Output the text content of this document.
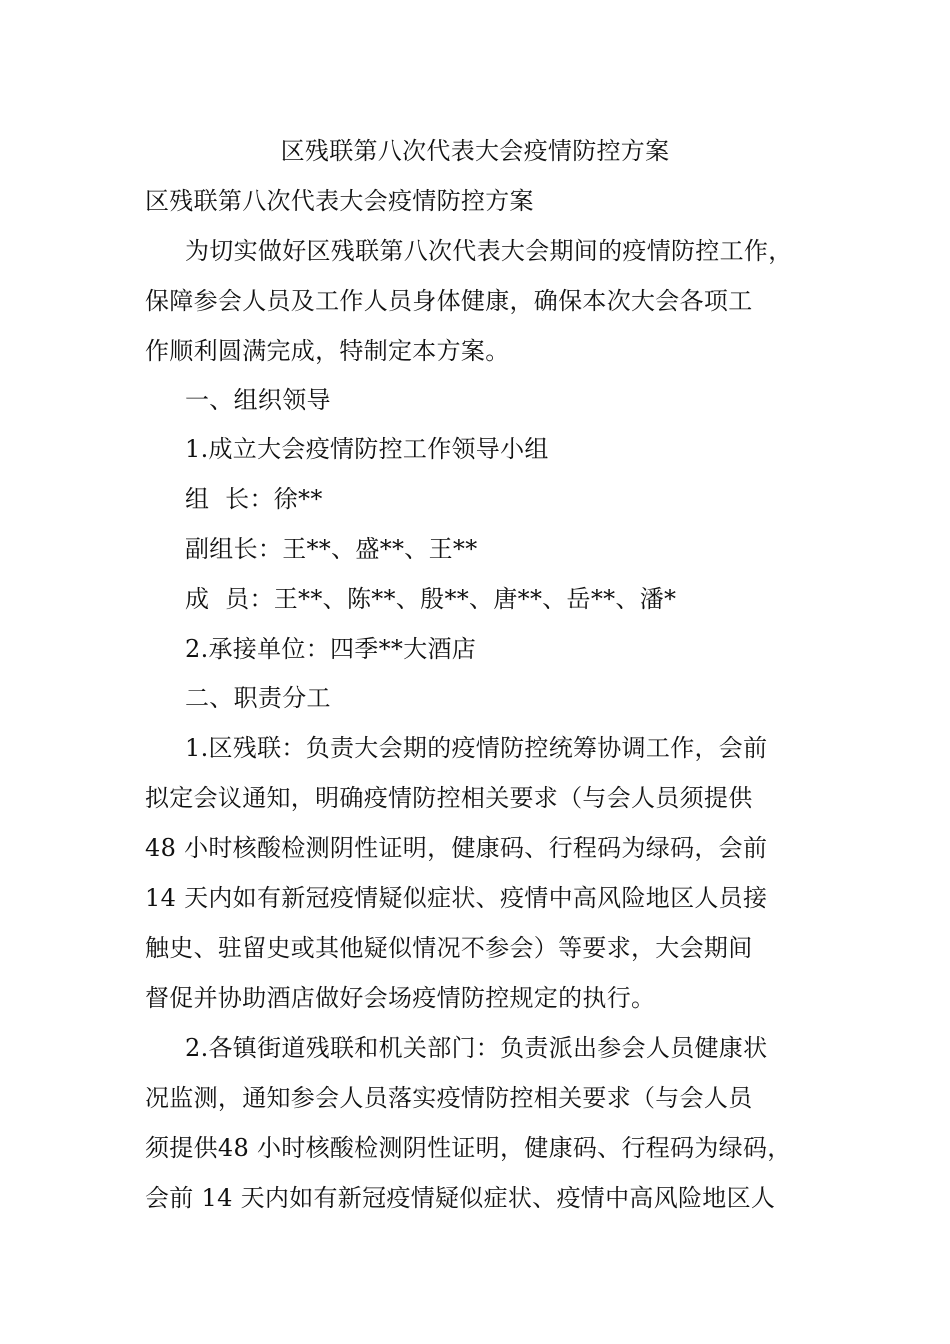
区残联第八次代表大会疫情防控方案
区残联第八次代表大会疫情防控方案
为切实做好区残联第八次代表大会期间的疫情防控工作，
保障参会人员及工作人员身体健康，确保本次大会各项工
作顺利圆满完成，特制定本方案。
一、组织领导
1.成立大会疫情防控工作领导小组
组  长：徐**
副组长：王**、盛**、王**
成  员：王**、陈**、殷**、唐**、岳**、潘*
2.承接单位：四季**大酒店
二、职责分工
1.区残联：负责大会期的疫情防控统筹协调工作，会前
拟定会议通知，明确疫情防控相关要求（与会人员须提供
48 小时核酸检测阴性证明，健康码、行程码为绿码，会前
14 天内如有新冠疫情疑似症状、疫情中高风险地区人员接
触史、驻留史或其他疑似情况不参会）等要求，大会期间
督促并协助酒店做好会场疫情防控规定的执行。
2.各镇街道残联和机关部门：负责派出参会人员健康状
况监测，通知参会人员落实疫情防控相关要求（与会人员
须提供48 小时核酸检测阴性证明，健康码、行程码为绿码，
会前 14 天内如有新冠疫情疑似症状、疫情中高风险地区人
